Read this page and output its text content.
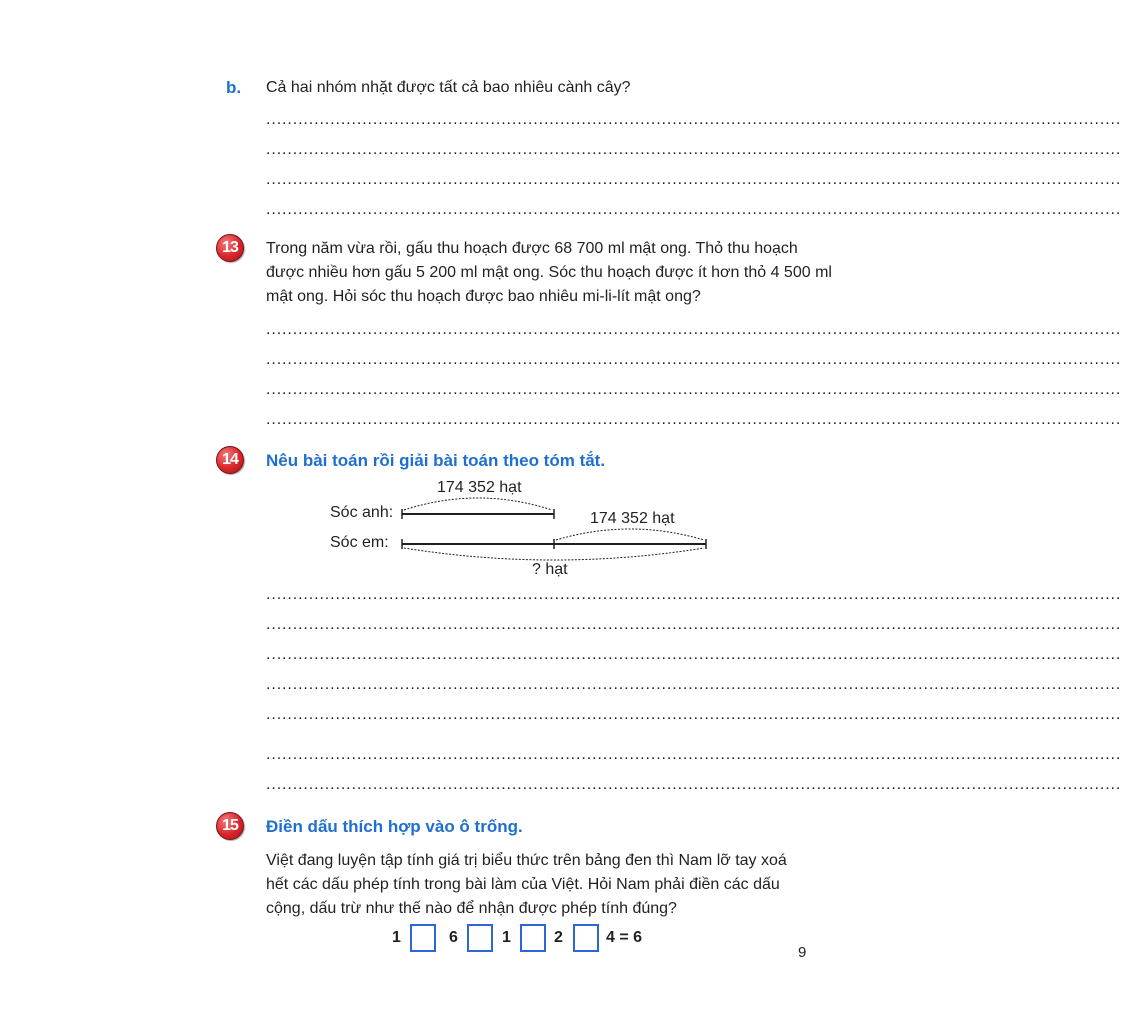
b. Cả hai nhóm nhặt được tất cả bao nhiêu cành cây?
................................................................................................................................................................
................................................................................................................................................................
................................................................................................................................................................
................................................................................................................................................................
13	Trong năm vừa rồi, gấu thu hoạch được 68 700 ml mật ong. Thỏ thu hoạch
được nhiều hơn gấu 5 200 ml mật ong. Sóc thu hoạch được ít hơn thỏ 4 500 ml
mật ong. Hỏi sóc thu hoạch được bao nhiêu mi-li-lít mật ong?
................................................................................................................................................................
................................................................................................................................................................
................................................................................................................................................................
................................................................................................................................................................
14	Nêu bài toán rồi giải bài toán theo tóm tắt.
Sóc anh:
Sóc em:
174 352 hạt
174 352 hạt
? hạt
................................................................................................................................................................
................................................................................................................................................................
................................................................................................................................................................
................................................................................................................................................................
................................................................................................................................................................
................................................................................................................................................................
................................................................................................................................................................
15	Điền dấu thích hợp vào ô trống.
Việt đang luyện tập tính giá trị biểu thức trên bảng đen thì Nam lỡ tay xoá
hết các dấu phép tính trong bài làm của Việt. Hỏi Nam phải điền các dấu
cộng, dấu trừ như thế nào để nhận được phép tính đúng?
1	6	1	2	4 = 6
9
